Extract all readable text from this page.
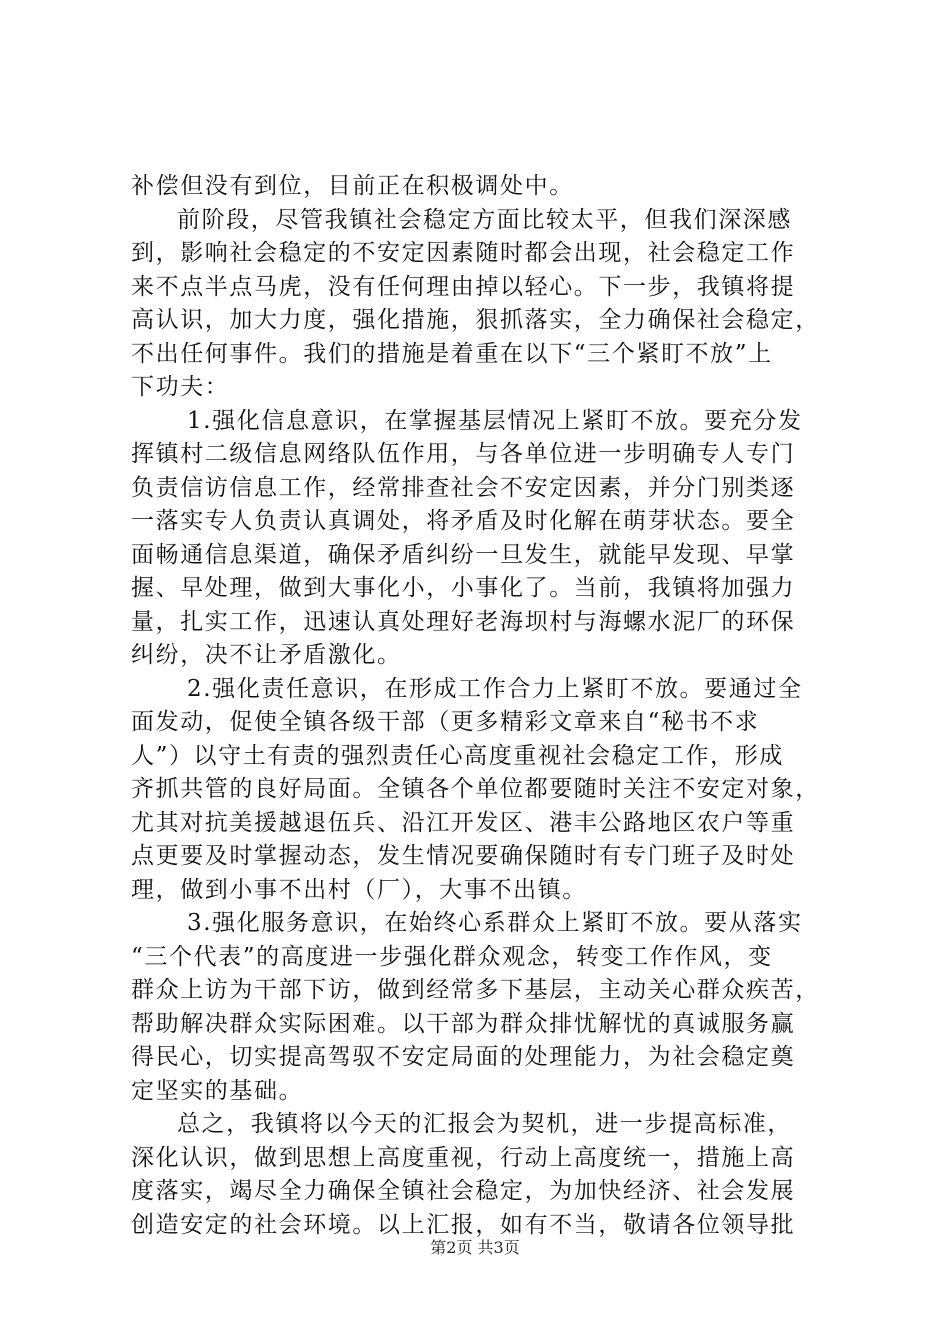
补偿但没有到位，目前正在积极调处中。
前阶段，尽管我镇社会稳定方面比较太平，但我们深深感
到，影响社会稳定的不安定因素随时都会出现，社会稳定工作
来不点半点马虎，没有任何理由掉以轻心。下一步，我镇将提
高认识，加大力度，强化措施，狠抓落实，全力确保社会稳定，
不出任何事件。我们的措施是着重在以下“三个紧盯不放”上
下功夫：
1.强化信息意识，在掌握基层情况上紧盯不放。要充分发
挥镇村二级信息网络队伍作用，与各单位进一步明确专人专门
负责信访信息工作，经常排查社会不安定因素，并分门别类逐
一落实专人负责认真调处，将矛盾及时化解在萌芽状态。要全
面畅通信息渠道，确保矛盾纠纷一旦发生，就能早发现、早掌
握、早处理，做到大事化小，小事化了。当前，我镇将加强力
量，扎实工作，迅速认真处理好老海坝村与海螺水泥厂的环保
纠纷，决不让矛盾激化。
2.强化责任意识，在形成工作合力上紧盯不放。要通过全
面发动，促使全镇各级干部（更多精彩文章来自“秘书不求
人”）以守土有责的强烈责任心高度重视社会稳定工作，形成
齐抓共管的良好局面。全镇各个单位都要随时关注不安定对象，
尤其对抗美援越退伍兵、沿江开发区、港丰公路地区农户等重
点更要及时掌握动态，发生情况要确保随时有专门班子及时处
理，做到小事不出村（厂），大事不出镇。
3.强化服务意识，在始终心系群众上紧盯不放。要从落实
“三个代表”的高度进一步强化群众观念，转变工作作风，变
群众上访为干部下访，做到经常多下基层，主动关心群众疾苦，
帮助解决群众实际困难。以干部为群众排忧解忧的真诚服务赢
得民心，切实提高驾驭不安定局面的处理能力，为社会稳定奠
定坚实的基础。
总之，我镇将以今天的汇报会为契机，进一步提高标准，
深化认识，做到思想上高度重视，行动上高度统一，措施上高
度落实，竭尽全力确保全镇社会稳定，为加快经济、社会发展
创造安定的社会环境。以上汇报，如有不当，敬请各位领导批
第2页 共3页
